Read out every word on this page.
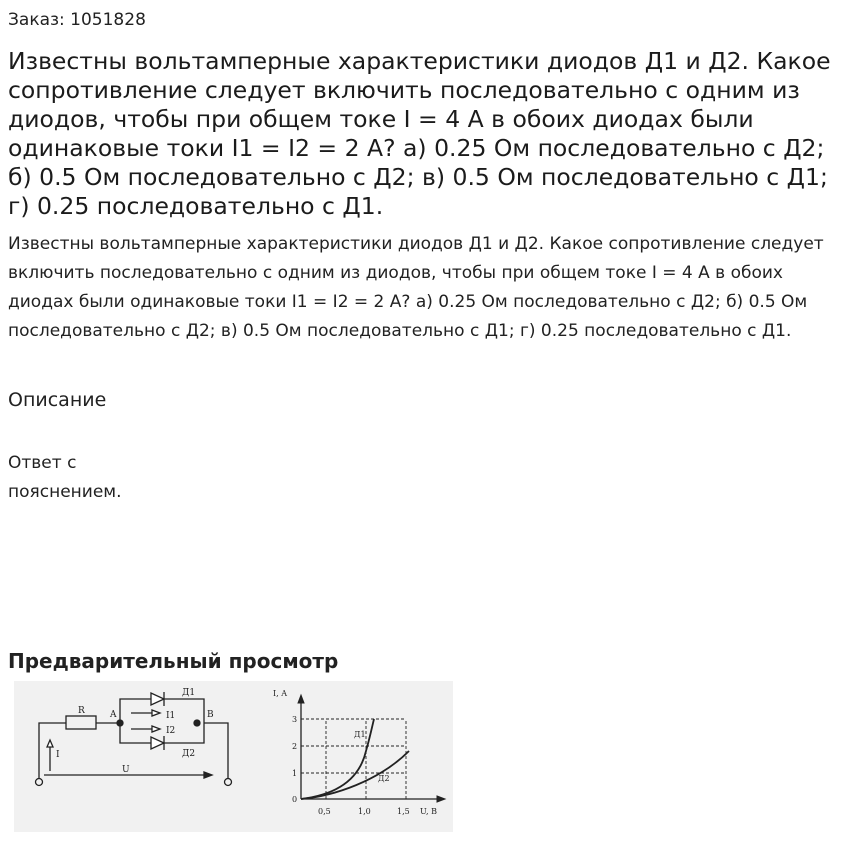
Заказ: 1051828
Известны вольтамперные характеристики диодов Д1 и Д2. Какое сопротивление следует включить последовательно с одним из диодов, чтобы при общем токе I = 4 А в обоих диодах были одинаковые токи I1 = I2 = 2 А? а) 0.25 Ом последовательно с Д2; б) 0.5 Ом последовательно с Д2; в) 0.5 Ом последовательно с Д1; г) 0.25 последовательно с Д1.

Известны вольтамперные характеристики диодов Д1 и Д2. Какое сопротивление следует включить последовательно с одним из диодов, чтобы при общем токе I = 4 А в обоих диодах были одинаковые токи I1 = I2 = 2 А? а) 0.25 Ом последовательно с Д2; б) 0.5 Ом последовательно с Д2; в) 0.5 Ом последовательно с Д1; г) 0.25 последовательно с Д1.

Описание
Ответ с пояснением.
Предварительный просмотр
R	A	B
Д1
Д2
I1
I2
I
U
I, A
U, B
0
1
2
3
0,5	1,0	1,5
Д1
Д2
